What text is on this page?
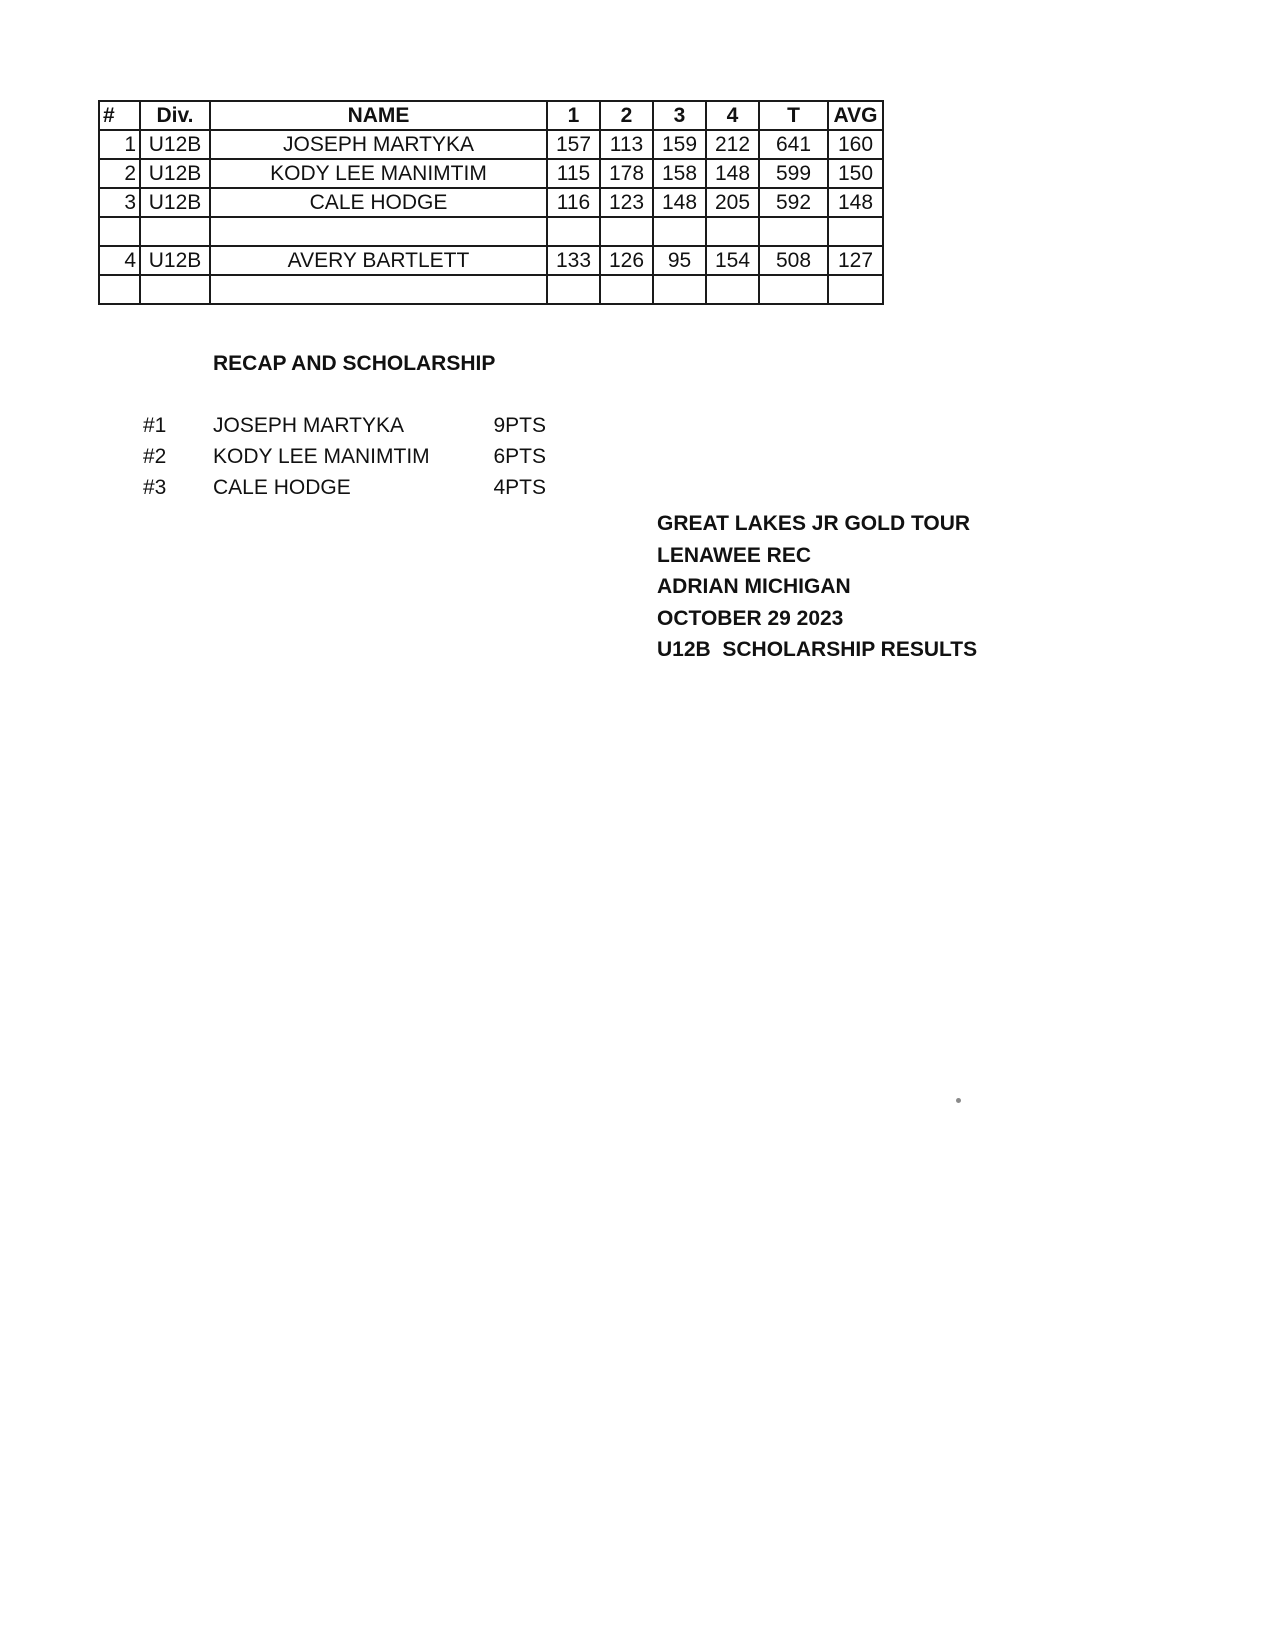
#	Div.	NAME	1	2	3	4	T	AVG
1	U12B	JOSEPH MARTYKA	157	113	159	212	641	160
2	U12B	KODY LEE MANIMTIM	115	178	158	148	599	150
3	U12B	CALE HODGE	116	123	148	205	592	148

4	U12B	AVERY BARTLETT	133	126	95	154	508	127

RECAP AND SCHOLARSHIP
#1	JOSEPH MARTYKA	9PTS
#2	KODY LEE MANIMTIM	6PTS
#3	CALE HODGE	4PTS
GREAT LAKES JR GOLD TOUR
LENAWEE REC
ADRIAN MICHIGAN
OCTOBER 29 2023
U12B  SCHOLARSHIP RESULTS
